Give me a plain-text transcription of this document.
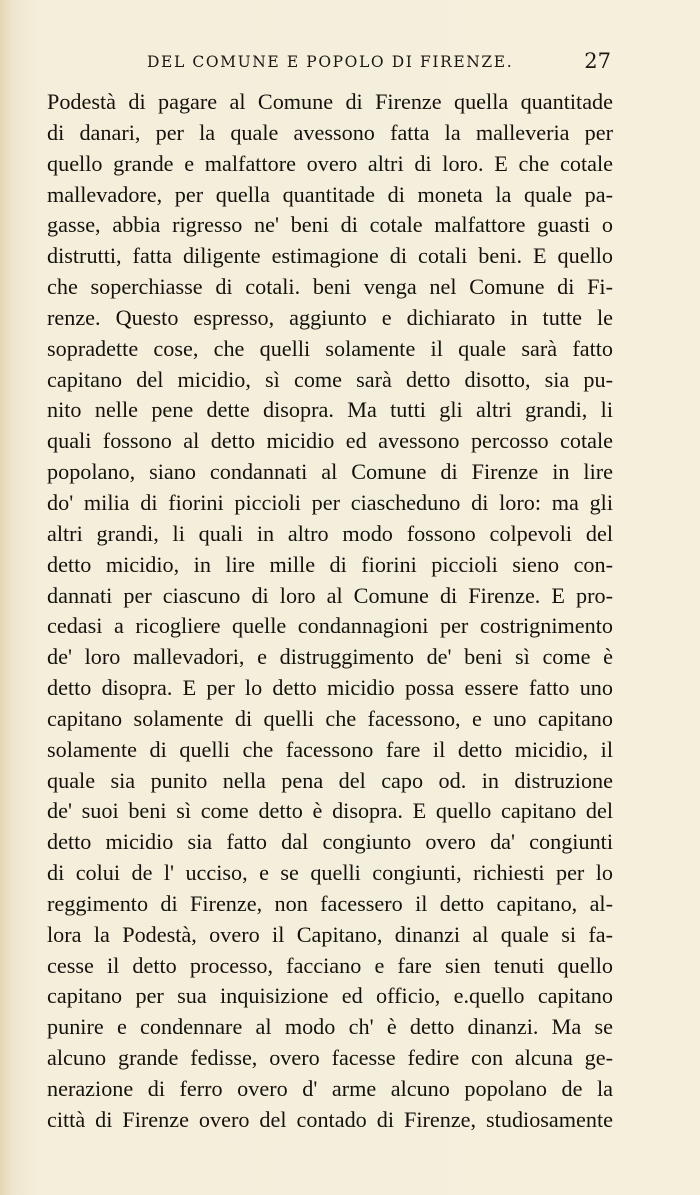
DEL COMUNE E POPOLO DI FIRENZE.	27
Podestà di pagare al Comune di Firenze quella quantitade
di danari, per la quale avessono fatta la malleveria per
quello grande e malfattore overo altri di loro. E che cotale
mallevadore, per quella quantitade di moneta la quale pa-
gasse, abbia rigresso ne' beni di cotale malfattore guasti o
distrutti, fatta diligente estimagione di cotali beni. E quello
che soperchiasse di cotali. beni venga nel Comune di Fi-
renze. Questo espresso, aggiunto e dichiarato in tutte le
sopradette cose, che quelli solamente il quale sarà fatto
capitano del micidio, sì come sarà detto disotto, sia pu-
nito nelle pene dette disopra. Ma tutti gli altri grandi, li
quali fossono al detto micidio ed avessono percosso cotale
popolano, siano condannati al Comune di Firenze in lire
do' milia di fiorini piccioli per ciascheduno di loro: ma gli
altri grandi, li quali in altro modo fossono colpevoli del
detto micidio, in lire mille di fiorini piccioli sieno con-
dannati per ciascuno di loro al Comune di Firenze. E pro-
cedasi a ricogliere quelle condannagioni per costrignimento
de' loro mallevadori, e distruggimento de' beni sì come è
detto disopra. E per lo detto micidio possa essere fatto uno
capitano solamente di quelli che facessono, e uno capitano
solamente di quelli che facessono fare il detto micidio, il
quale sia punito nella pena del capo od. in distruzione
de' suoi beni sì come detto è disopra. E quello capitano del
detto micidio sia fatto dal congiunto overo da' congiunti
di colui de l' ucciso, e se quelli congiunti, richiesti per lo
reggimento di Firenze, non facessero il detto capitano, al-
lora la Podestà, overo il Capitano, dinanzi al quale si fa-
cesse il detto processo, facciano e fare sien tenuti quello
capitano per sua inquisizione ed officio, e.quello capitano
punire e condennare al modo ch' è detto dinanzi. Ma se
alcuno grande fedisse, overo facesse fedire con alcuna ge-
nerazione di ferro overo d' arme alcuno popolano de la
città di Firenze overo del contado di Firenze, studiosamente
